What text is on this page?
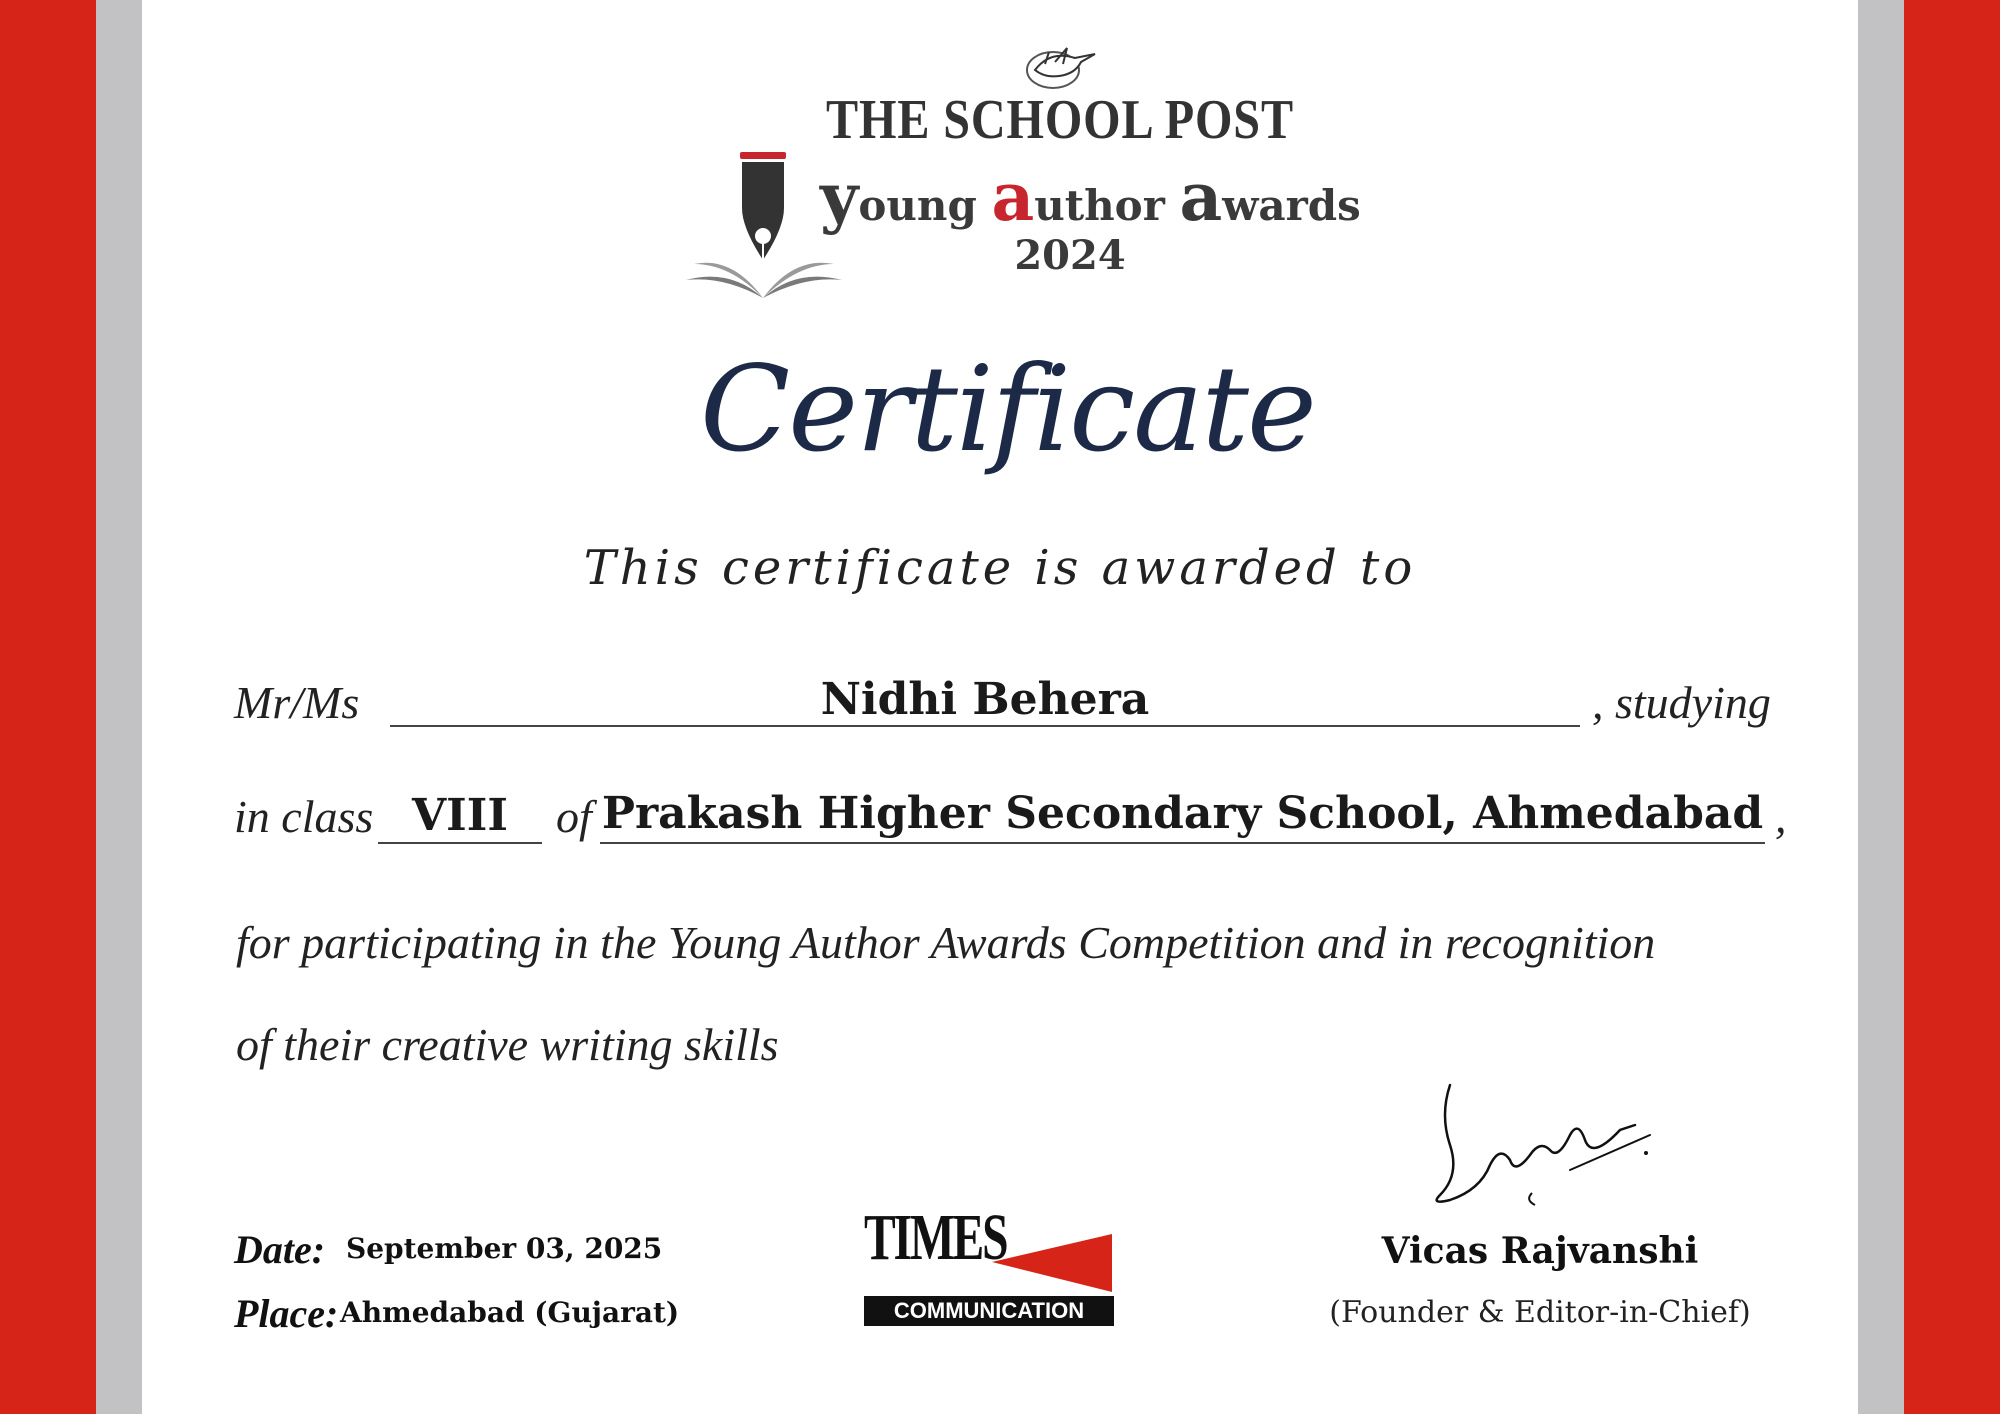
THE SCHOOL POST
young author awards
2024
Certificate
This certificate is awarded to
Mr/Ms	Nidhi Behera	, studying
in class VIII	of Prakash Higher Secondary School, Ahmedabad ,
for participating in the Young Author Awards Competition and in recognition
of their creative writing skills
Date: September 03, 2025
Place: Ahmedabad (Gujarat)
TIMES
COMMUNICATION
Vicas Rajvanshi
(Founder & Editor-in-Chief)
